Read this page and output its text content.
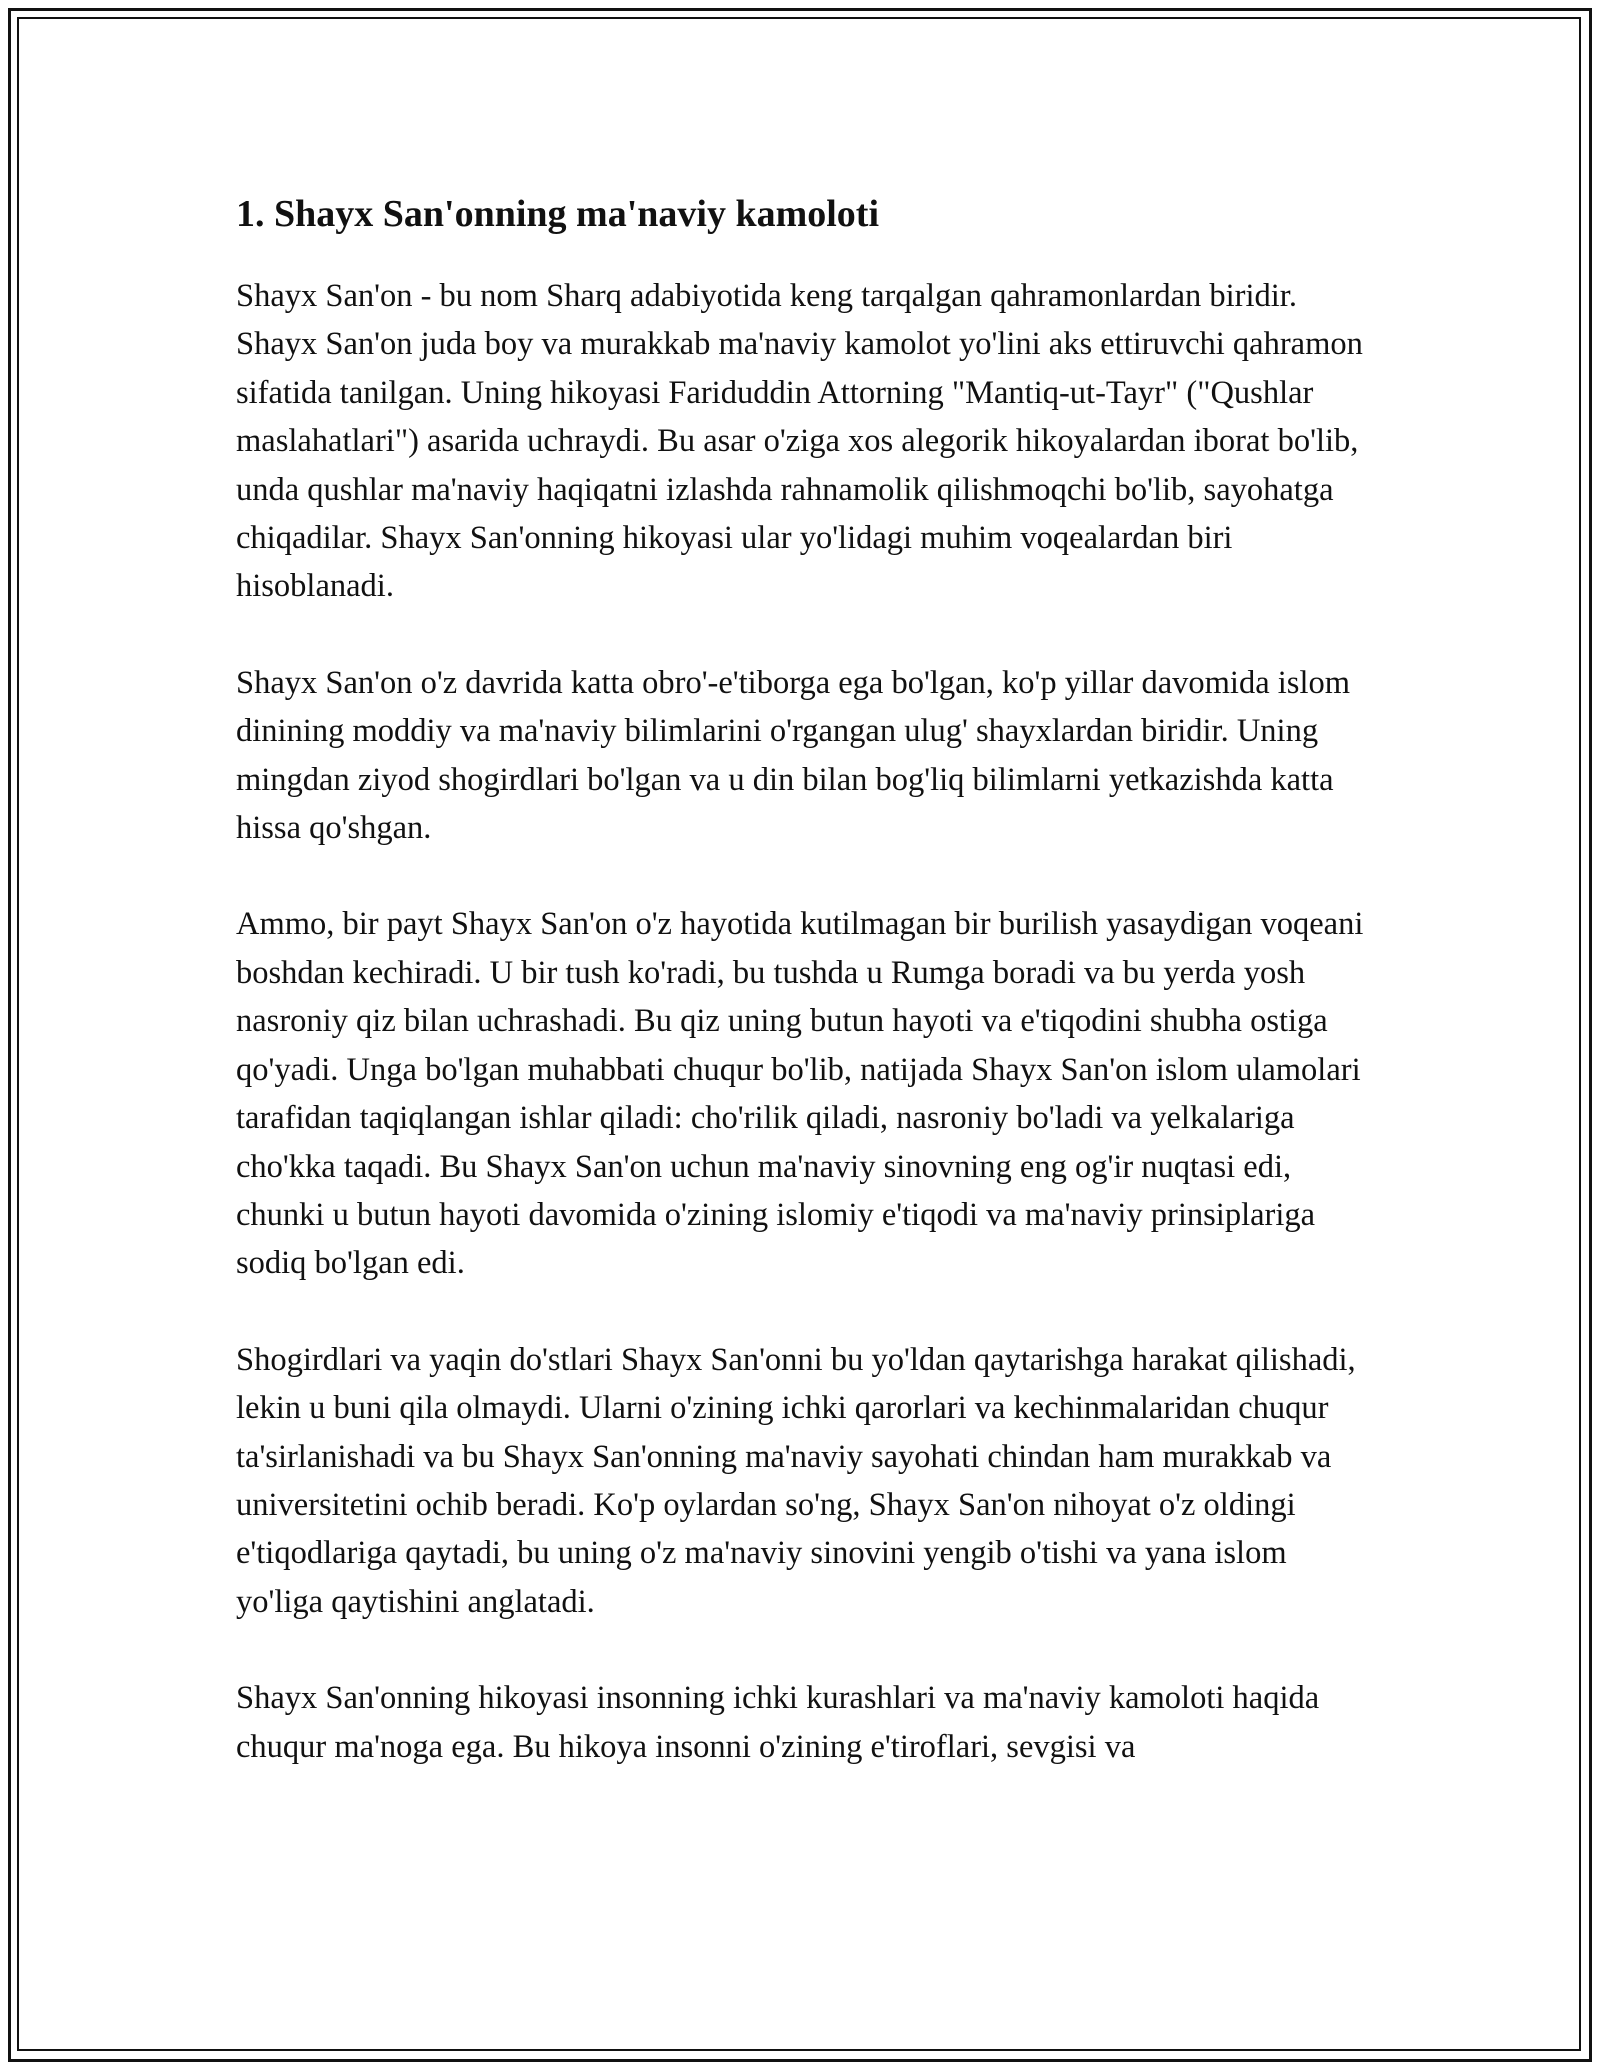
1. Shayx San'onning ma'naviy kamoloti

Shayx San'on - bu nom Sharq adabiyotida keng tarqalgan qahramonlardan biridir. Shayx San'on juda boy va murakkab ma'naviy kamolot yo'lini aks ettiruvchi qahramon sifatida tanilgan. Uning hikoyasi Fariduddin Attorning "Mantiq-ut-Tayr" ("Qushlar maslahatlari") asarida uchraydi. Bu asar o'ziga xos alegorik hikoyalardan iborat bo'lib, unda qushlar ma'naviy haqiqatni izlashda rahnamolik qilishmoqchi bo'lib, sayohatga chiqadilar. Shayx San'onning hikoyasi ular yo'lidagi muhim voqealardan biri hisoblanadi.

Shayx San'on o'z davrida katta obro'-e'tiborga ega bo'lgan, ko'p yillar davomida islom dinining moddiy va ma'naviy bilimlarini o'rgangan ulug' shayxlardan biridir. Uning mingdan ziyod shogirdlari bo'lgan va u din bilan bog'liq bilimlarni yetkazishda katta hissa qo'shgan.

Ammo, bir payt Shayx San'on o'z hayotida kutilmagan bir burilish yasaydigan voqeani boshdan kechiradi. U bir tush ko'radi, bu tushda u Rumga boradi va bu yerda yosh nasroniy qiz bilan uchrashadi. Bu qiz uning butun hayoti va e'tiqodini shubha ostiga qo'yadi. Unga bo'lgan muhabbati chuqur bo'lib, natijada Shayx San'on islom ulamolari tarafidan taqiqlangan ishlar qiladi: cho'rilik qiladi, nasroniy bo'ladi va yelkalariga cho'kka taqadi. Bu Shayx San'on uchun ma'naviy sinovning eng og'ir nuqtasi edi, chunki u butun hayoti davomida o'zining islomiy e'tiqodi va ma'naviy prinsiplariga sodiq bo'lgan edi.

Shogirdlari va yaqin do'stlari Shayx San'onni bu yo'ldan qaytarishga harakat qilishadi, lekin u buni qila olmaydi. Ularni o'zining ichki qarorlari va kechinmalaridan chuqur ta'sirlanishadi va bu Shayx San'onning ma'naviy sayohati chindan ham murakkab va universitetini ochib beradi. Ko'p oylardan so'ng, Shayx San'on nihoyat o'z oldingi e'tiqodlariga qaytadi, bu uning o'z ma'naviy sinovini yengib o'tishi va yana islom yo'liga qaytishini anglatadi.

Shayx San'onning hikoyasi insonning ichki kurashlari va ma'naviy kamoloti haqida chuqur ma'noga ega. Bu hikoya insonni o'zining e'tiroflari, sevgisi va
